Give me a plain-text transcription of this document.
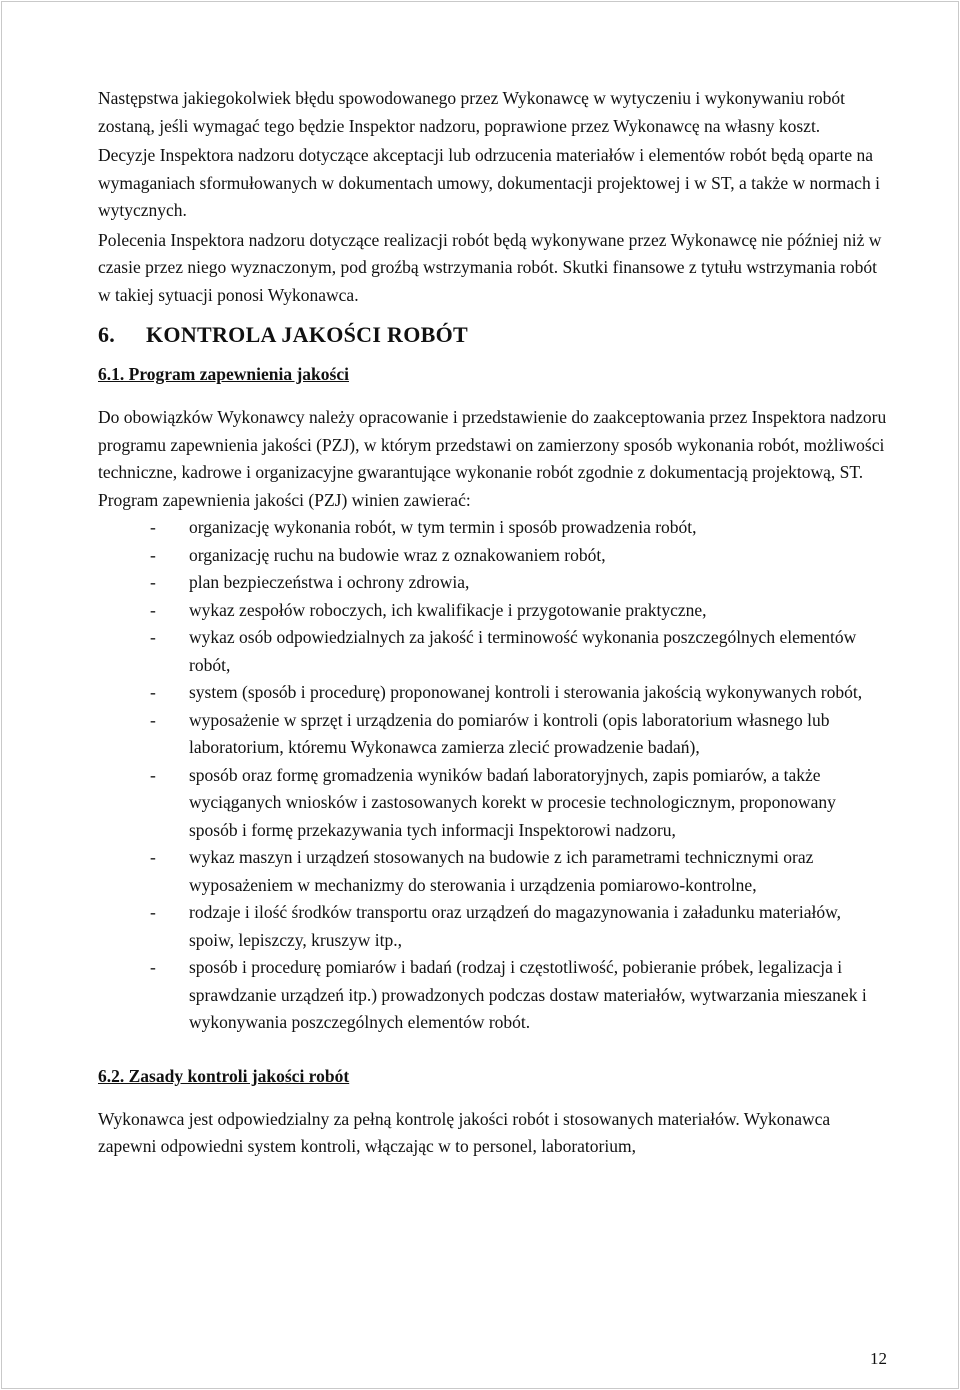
Następstwa jakiegokolwiek błędu spowodowanego przez Wykonawcę w wytyczeniu i wykonywaniu robót zostaną, jeśli wymagać tego będzie Inspektor nadzoru, poprawione przez Wykonawcę na własny koszt.

Decyzje Inspektora nadzoru dotyczące akceptacji lub odrzucenia materiałów i elementów robót będą oparte na wymaganiach sformułowanych w dokumentach umowy, dokumentacji projektowej i w ST, a także w normach i wytycznych.

Polecenia Inspektora nadzoru dotyczące realizacji robót będą wykonywane przez Wykonawcę nie później niż w czasie przez niego wyznaczonym, pod groźbą wstrzymania robót. Skutki finansowe z tytułu wstrzymania robót w takiej sytuacji ponosi Wykonawca.

6. KONTROLA JAKOŚCI ROBÓT
6.1. Program zapewnienia jakości

Do obowiązków Wykonawcy należy opracowanie i przedstawienie do zaakceptowania przez Inspektora nadzoru programu zapewnienia jakości (PZJ), w którym przedstawi on zamierzony sposób wykonania robót, możliwości techniczne, kadrowe i organizacyjne gwarantujące wykonanie robót zgodnie z dokumentacją projektową, ST.

Program zapewnienia jakości (PZJ) winien zawierać:

- organizację wykonania robót, w tym termin i sposób prowadzenia robót,
- organizację ruchu na budowie wraz z oznakowaniem robót,
- plan bezpieczeństwa i ochrony zdrowia,
- wykaz zespołów roboczych, ich kwalifikacje i przygotowanie praktyczne,
- wykaz osób odpowiedzialnych za jakość i terminowość wykonania poszczególnych elementów robót,
- system (sposób i procedurę) proponowanej kontroli i sterowania jakością wykonywanych robót,
- wyposażenie w sprzęt i urządzenia do pomiarów i kontroli (opis laboratorium własnego lub laboratorium, któremu Wykonawca zamierza zlecić prowadzenie badań),
- sposób oraz formę gromadzenia wyników badań laboratoryjnych, zapis pomiarów, a także wyciąganych wniosków i zastosowanych korekt w procesie technologicznym, proponowany sposób i formę przekazywania tych informacji Inspektorowi nadzoru,
- wykaz maszyn i urządzeń stosowanych na budowie z ich parametrami technicznymi oraz wyposażeniem w mechanizmy do sterowania i urządzenia pomiarowo-kontrolne,
- rodzaje i ilość środków transportu oraz urządzeń do magazynowania i załadunku materiałów, spoiw, lepiszczy, kruszyw itp.,
- sposób i procedurę pomiarów i badań (rodzaj i częstotliwość, pobieranie próbek, legalizacja i sprawdzanie urządzeń itp.) prowadzonych podczas dostaw materiałów, wytwarzania mieszanek i wykonywania poszczególnych elementów robót.
6.2. Zasady kontroli jakości robót

Wykonawca jest odpowiedzialny za pełną kontrolę jakości robót i stosowanych materiałów. Wykonawca zapewni odpowiedni system kontroli, włączając w to personel, laboratorium,

12
